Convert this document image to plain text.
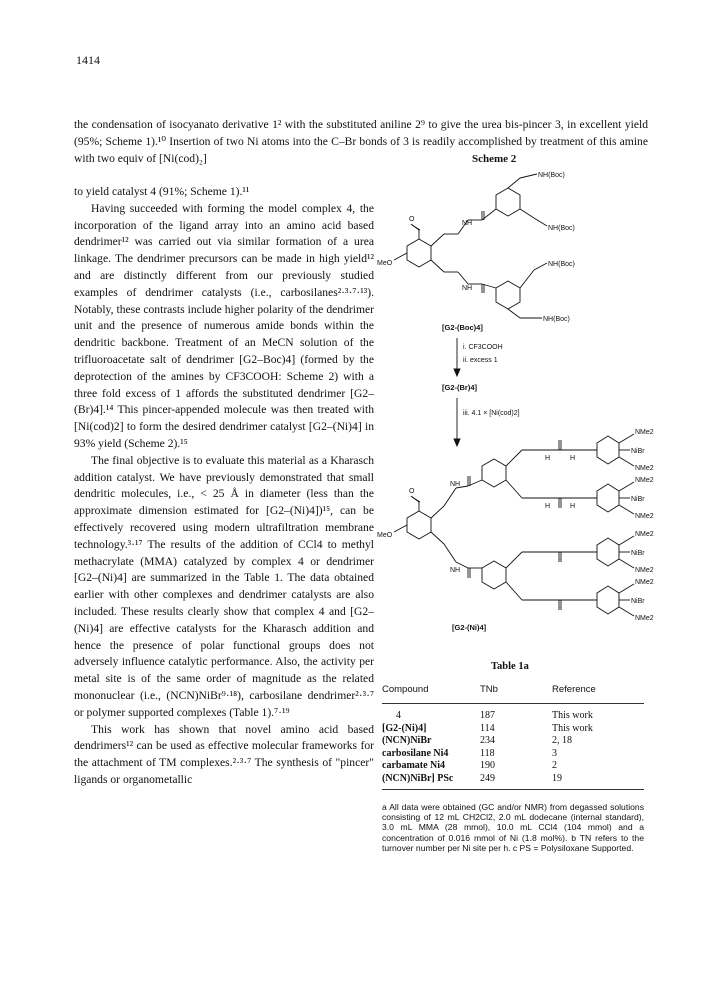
1414

the condensation of isocyanato derivative 1² with the substituted aniline 2⁹ to give the urea bis-pincer 3, in excellent yield (95%; Scheme 1).¹⁰ Insertion of two Ni atoms into the C–Br bonds of 3 is readily accomplished by treatment of this amine with two equiv of [Ni(cod)₂]

to yield catalyst 4 (91%; Scheme 1).¹¹

Having succeeded with forming the model complex 4, the incorporation of the ligand array into an amino acid based dendrimer¹² was carried out via similar formation of a urea linkage. The dendrimer precursors can be made in high yield¹² and are distinctly different from our previously studied examples of dendrimer catalysts (i.e., carbosilanes²·³·⁷·¹³). Notably, these contrasts include higher polarity of the dendrimer unit and the presence of numerous amide bonds within the dendritic backbone. Treatment of an MeCN solution of the trifluoroacetate salt of dendrimer [G2–Boc)4] (formed by the deprotection of the amines by CF3COOH: Scheme 2) with a three fold excess of 1 affords the substituted dendrimer [G2–(Br)4].¹⁴ This pincer-appended molecule was then treated with [Ni(cod)2] to form the desired dendrimer catalyst [G2–(Ni)4] in 93% yield (Scheme 2).¹⁵

The final objective is to evaluate this material as a Kharasch addition catalyst. We have previously demonstrated that small dendritic molecules, i.e., < 25 Å in diameter (less than the approximate dimension estimated for [G2–(Ni)4])¹⁵, can be effectively recovered using modern ultrafiltration membrane technology.³·¹⁷ The results of the addition of CCl4 to methyl methacrylate (MMA) catalyzed by complex 4 or dendrimer [G2–(Ni)4] are summarized in the Table 1. The data obtained earlier with other complexes and dendrimer catalysts are also included. These results clearly show that complex 4 and [G2–(Ni)4] are effective catalysts for the Kharasch addition and hence the presence of polar functional groups does not adversely influence catalytic performance. Also, the activity per metal site is of the same order of magnitude as the related mononuclear (i.e., (NCN)NiBr⁹·¹⁸), carbosilane dendrimer²·³·⁷ or polymer supported complexes (Table 1).⁷·¹⁹

This work has shown that novel amino acid based dendrimers¹² can be used as effective molecular frameworks for the attachment of TM complexes.²·³·⁷ The synthesis of "pincer" ligands or organometallic

Scheme 2
MeO
O
NH
NH
NH(Boc)
NH(Boc)
NH(Boc)
NH(Boc)
[G2-(Boc)4]
i. CF3COOH
ii. excess 1
[G2-(Br)4]
iii. 4.1 × [Ni(cod)2]
MeO
O
NH
NH
NMe2
NiBr
NMe2
NMe2
NiBr
NMe2
NMe2
NiBr
NMe2
NMe2
NiBr
NMe2
H	H
H	H
[G2-(Ni)4]
Table 1a
Compound	TNb	Reference
4	187	This work
[G2-(Ni)4]	114	This work
(NCN)NiBr	234	2, 18
carbosilane Ni4	118	3
carbamate Ni4	190	2
(NCN)NiBr] PSc	249	19

a All data were obtained (GC and/or NMR) from degassed solutions consisting of 12 mL CH2Cl2, 2.0 mL dodecane (internal standard), 3.0 mL MMA (28 mmol), 10.0 mL CCl4 (104 mmol) and a concentration of 0.016 mmol of Ni (1.8 mol%). b TN refers to the turnover number per Ni site per h. c PS = Polysiloxane Supported.
